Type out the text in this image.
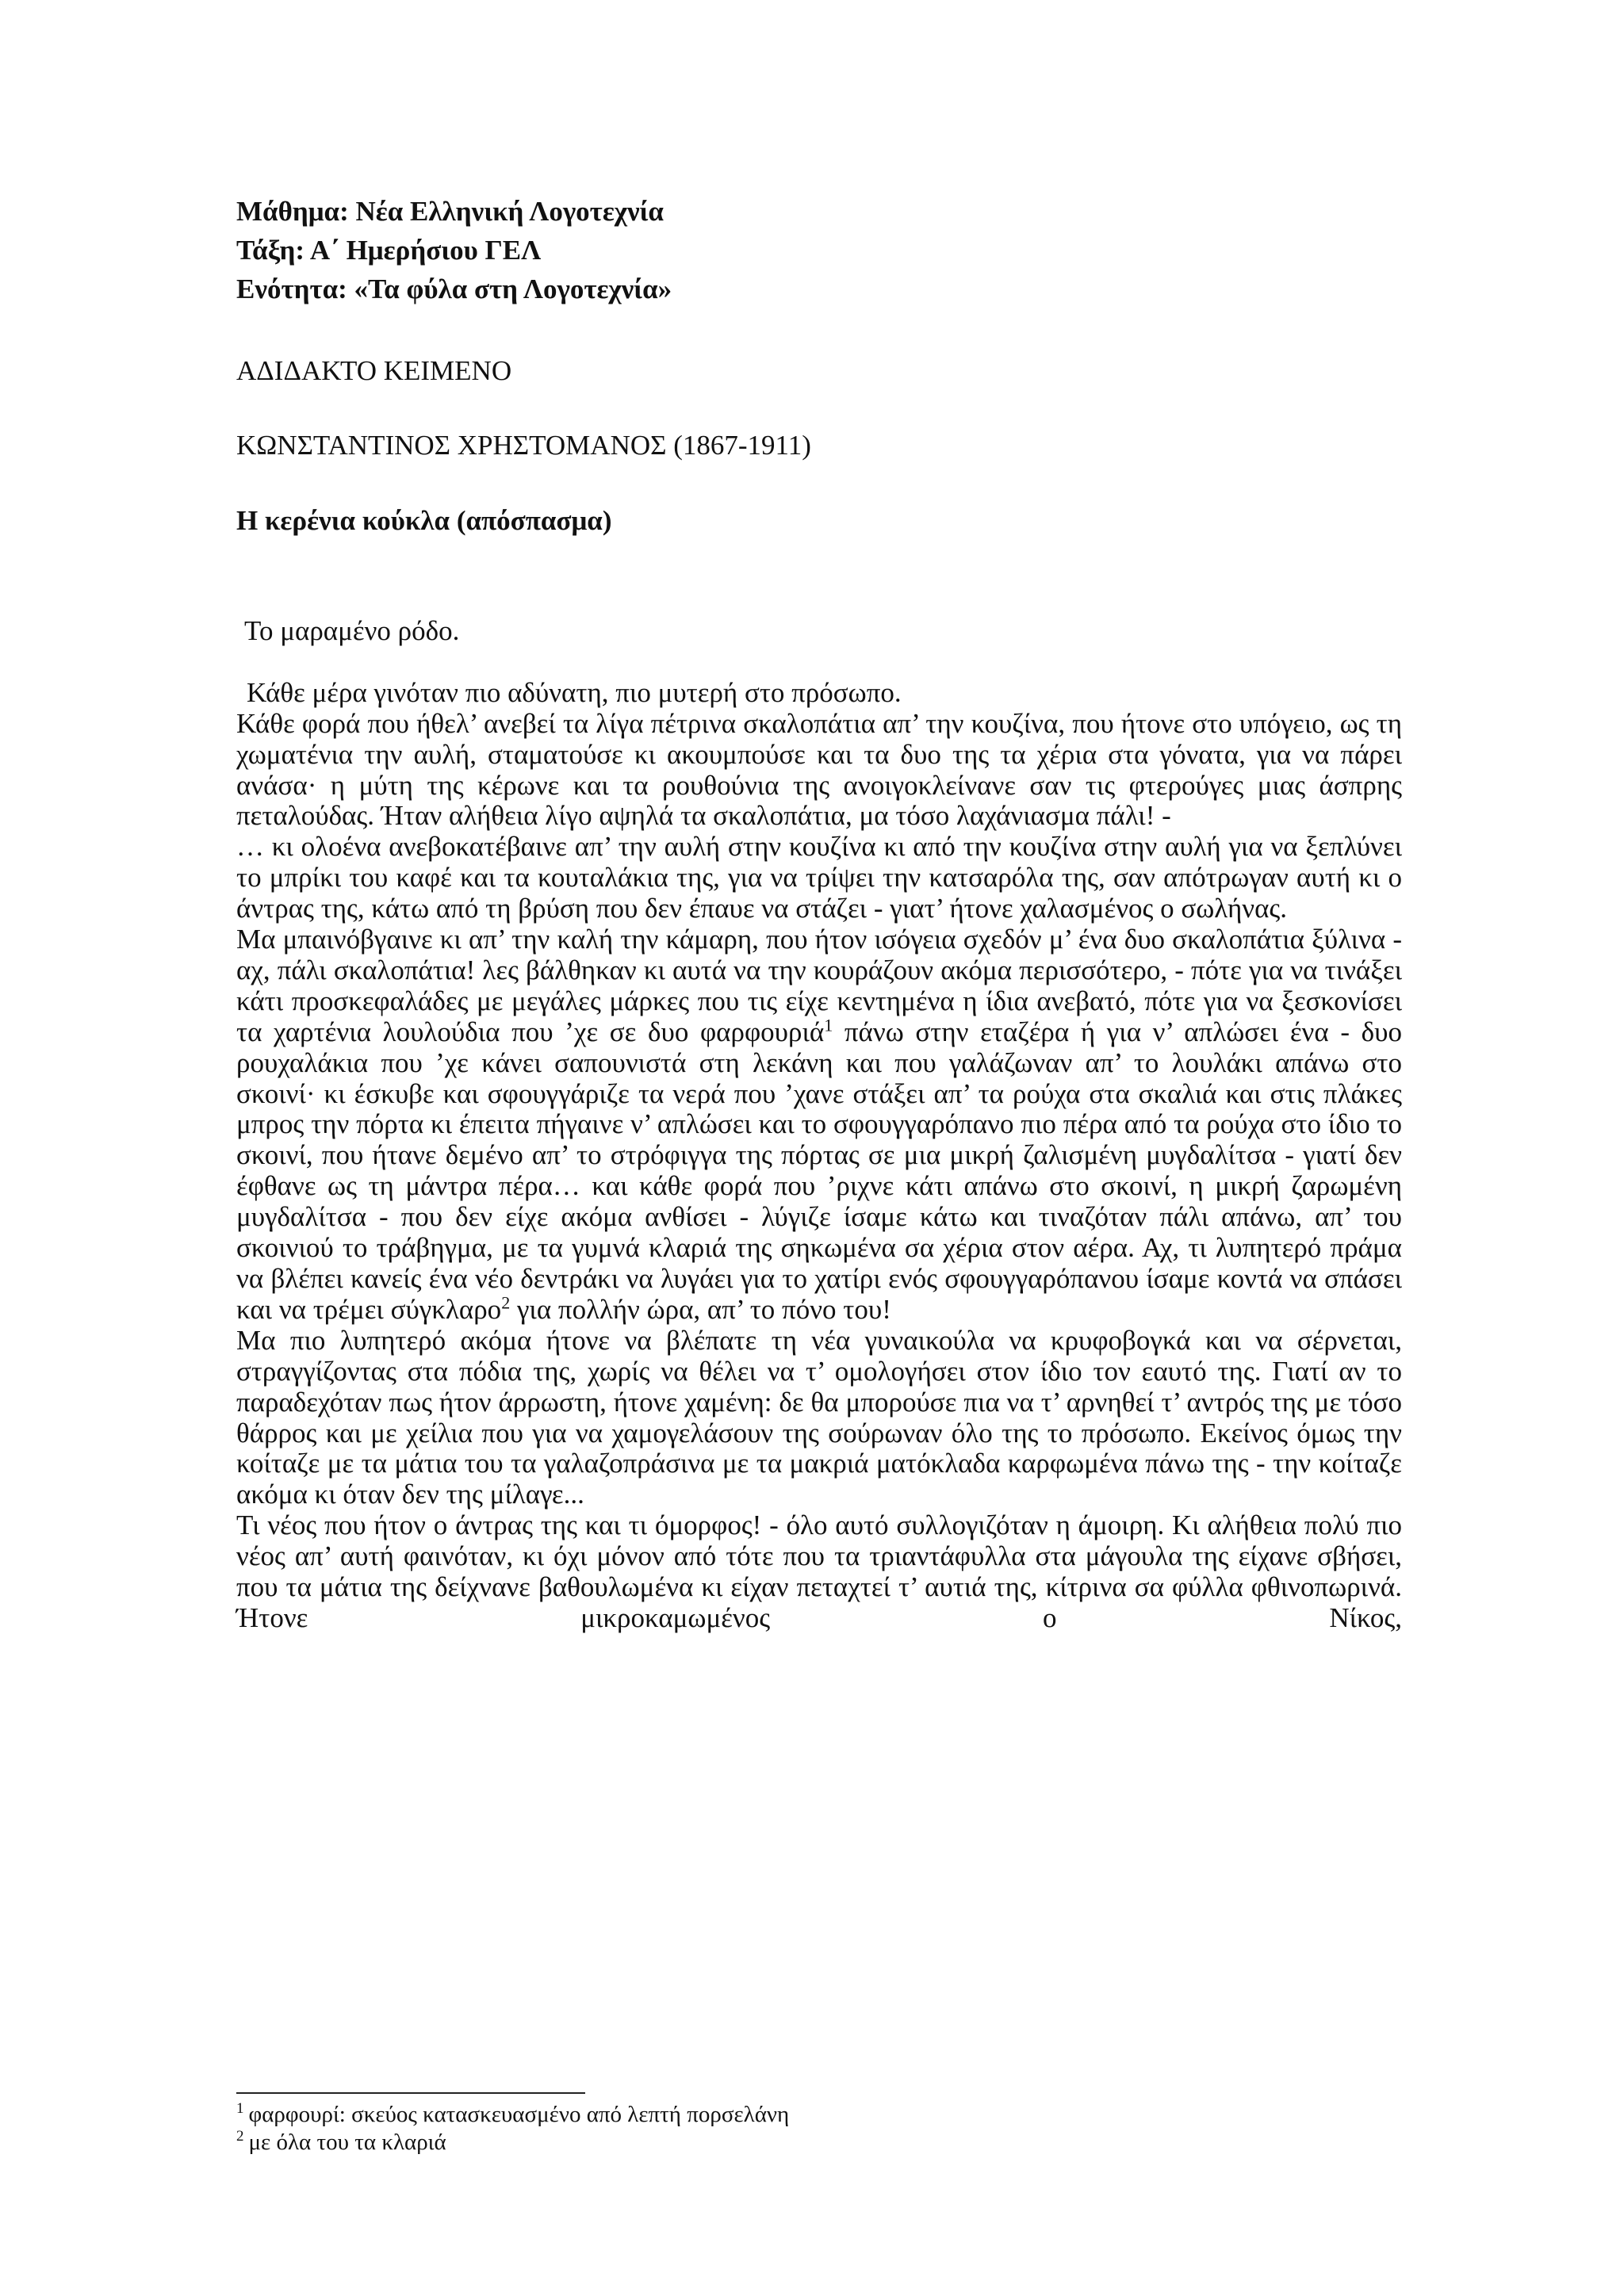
Μάθημα: Νέα Ελληνική Λογοτεχνία
Τάξη: Α΄ Ημερήσιου ΓΕΛ
Ενότητα: «Τα φύλα στη Λογοτεχνία»
ΑΔΙΔΑΚΤΟ ΚΕΙΜΕΝΟ
ΚΩΝΣΤΑΝΤΙΝΟΣ ΧΡΗΣΤΟΜΑΝΟΣ (1867-1911)
Η κερένια κούκλα (απόσπασμα)

Το μαραμένο ρόδο.

Κάθε μέρα γινόταν πιο αδύνατη, πιο μυτερή στο πρόσωπο.

Κάθε φορά που ήθελ’ ανεβεί τα λίγα πέτρινα σκαλοπάτια απ’ την κουζίνα, που ήτονε στο υπόγειο, ως τη χωματένια την αυλή, σταματούσε κι ακουμπούσε και τα δυο της τα χέρια στα γόνατα, για να πάρει ανάσα· η μύτη της κέρωνε και τα ρουθούνια της ανοιγοκλείνανε σαν τις φτερούγες μιας άσπρης πεταλούδας. Ήταν αλήθεια λίγο αψηλά τα σκαλοπάτια, μα τόσο λαχάνιασμα πάλι! -

… κι ολοένα ανεβοκατέβαινε απ’ την αυλή στην κουζίνα κι από την κουζίνα στην αυλή για να ξεπλύνει το μπρίκι του καφέ και τα κουταλάκια της, για να τρίψει την κατσαρόλα της, σαν απότρωγαν αυτή κι ο άντρας της, κάτω από τη βρύση που δεν έπαυε να στάζει - γιατ’ ήτονε χαλασμένος ο σωλήνας.

Μα μπαινόβγαινε κι απ’ την καλή την κάμαρη, που ήτον ισόγεια σχεδόν μ’ ένα δυο σκαλοπάτια ξύλινα - αχ, πάλι σκαλοπάτια! λες βάλθηκαν κι αυτά να την κουράζουν ακόμα περισσότερο, - πότε για να τινάξει κάτι προσκεφαλάδες με μεγάλες μάρκες που τις είχε κεντημένα η ίδια ανεβατό, πότε για να ξεσκονίσει τα χαρτένια λουλούδια που ’χε σε δυο φαρφουριά$^1$ πάνω στην εταζέρα ή για ν’ απλώσει ένα - δυο ρουχαλάκια που ’χε κάνει σαπουνιστά στη λεκάνη και που γαλάζωναν απ’ το λουλάκι απάνω στο σκοινί· κι έσκυβε και σφουγγάριζε τα νερά που ’χανε στάξει απ’ τα ρούχα στα σκαλιά και στις πλάκες μπρος την πόρτα κι έπειτα πήγαινε ν’ απλώσει και το σφουγγαρόπανο πιο πέρα από τα ρούχα στο ίδιο το σκοινί, που ήτανε δεμένο απ’ το στρόφιγγα της πόρτας σε μια μικρή ζαλισμένη μυγδαλίτσα - γιατί δεν έφθανε ως τη μάντρα πέρα… και κάθε φορά που ’ριχνε κάτι απάνω στο σκοινί, η μικρή ζαρωμένη μυγδαλίτσα - που δεν είχε ακόμα ανθίσει - λύγιζε ίσαμε κάτω και τιναζόταν πάλι απάνω, απ’ του σκοινιού το τράβηγμα, με τα γυμνά κλαριά της σηκωμένα σα χέρια στον αέρα. Αχ, τι λυπητερό πράμα να βλέπει κανείς ένα νέο δεντράκι να λυγάει για το χατίρι ενός σφουγγαρόπανου ίσαμε κοντά να σπάσει και να τρέμει σύγκλαρο$^2$ για πολλήν ώρα, απ’ το πόνο του!

Μα πιο λυπητερό ακόμα ήτονε να βλέπατε τη νέα γυναικούλα να κρυφοβογκά και να σέρνεται, στραγγίζοντας στα πόδια της, χωρίς να θέλει να τ’ ομολογήσει στον ίδιο τον εαυτό της. Γιατί αν το παραδεχόταν πως ήτον άρρωστη, ήτονε χαμένη: δε θα μπορούσε πια να τ’ αρνηθεί τ’ αντρός της με τόσο θάρρος και με χείλια που για να χαμογελάσουν της σούρωναν όλο της το πρόσωπο. Εκείνος όμως την κοίταζε με τα μάτια του τα γαλαζοπράσινα με τα μακριά ματόκλαδα καρφωμένα πάνω της - την κοίταζε ακόμα κι όταν δεν της μίλαγε...

Τι νέος που ήτον ο άντρας της και τι όμορφος! - όλο αυτό συλλογιζόταν η άμοιρη. Κι αλήθεια πολύ πιο νέος απ’ αυτή φαινόταν, κι όχι μόνον από τότε που τα τριαντάφυλλα στα μάγουλα της είχανε σβήσει, που τα μάτια της δείχνανε βαθουλωμένα κι είχαν πεταχτεί τ’ αυτιά της, κίτρινα σα φύλλα φθινοπωρινά. Ήτονε μικροκαμωμένος ο Νίκος,

$^1$ φαρφουρί: σκεύος κατασκευασμένο από λεπτή πορσελάνη
$^2$ με όλα του τα κλαριά
